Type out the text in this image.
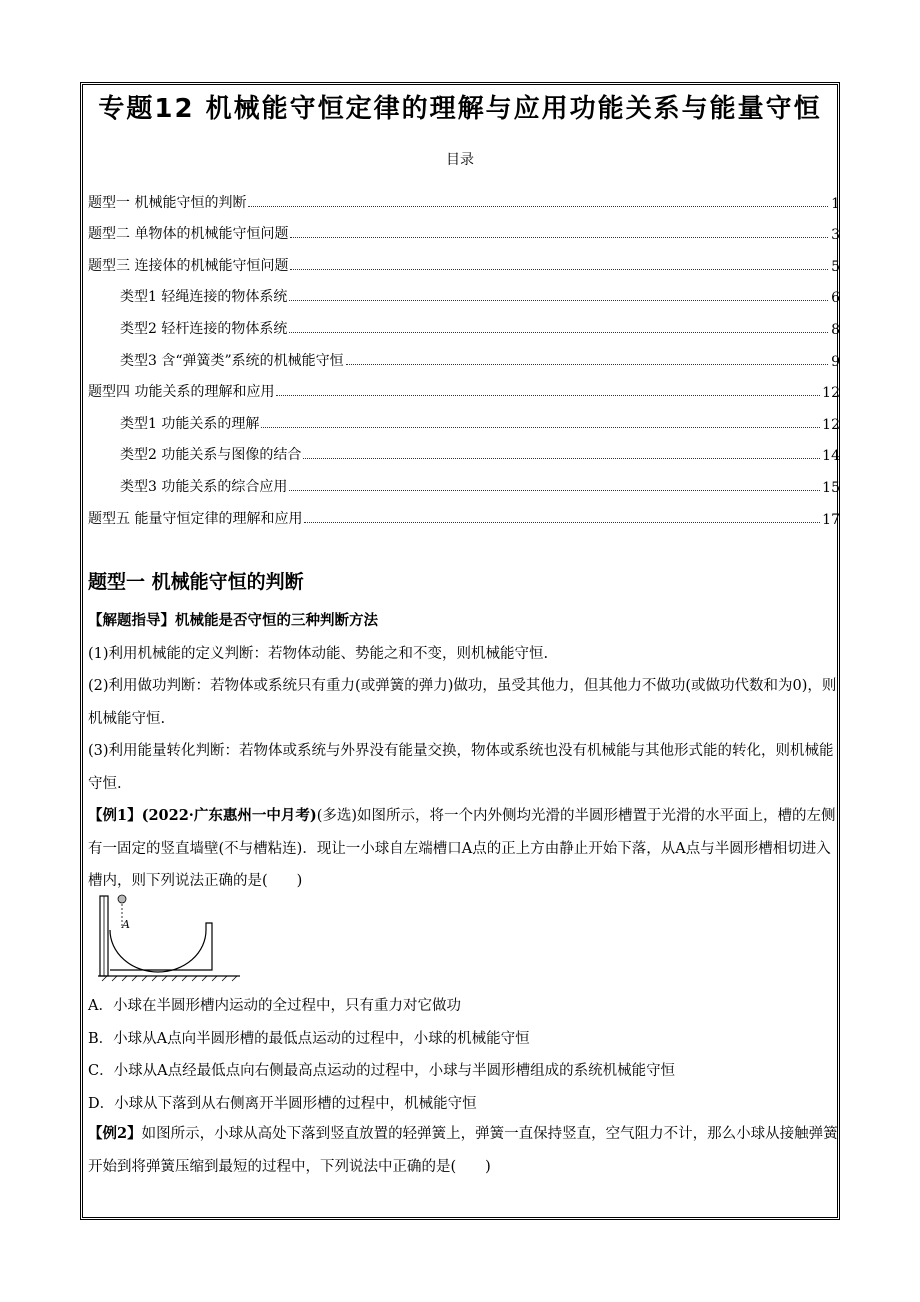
专题12 机械能守恒定律的理解与应用功能关系与能量守恒
目录
题型一 机械能守恒的判断	1
题型二 单物体的机械能守恒问题	3
题型三 连接体的机械能守恒问题	5
类型1 轻绳连接的物体系统	6
类型2 轻杆连接的物体系统	8
类型3 含“弹簧类”系统的机械能守恒	9
题型四 功能关系的理解和应用	12
类型1 功能关系的理解	12
类型2 功能关系与图像的结合	14
类型3 功能关系的综合应用	15
题型五 能量守恒定律的理解和应用	17
题型一 机械能守恒的判断

【解题指导】机械能是否守恒的三种判断方法

(1)利用机械能的定义判断：若物体动能、势能之和不变，则机械能守恒.

(2)利用做功判断：若物体或系统只有重力(或弹簧的弹力)做功，虽受其他力，但其他力不做功(或做功代数和为0)，则机械能守恒.

(3)利用能量转化判断：若物体或系统与外界没有能量交换，物体或系统也没有机械能与其他形式能的转化，则机械能守恒.

【例1】(2022·广东惠州一中月考)(多选)如图所示，将一个内外侧均光滑的半圆形槽置于光滑的水平面上，槽的左侧有一固定的竖直墙壁(不与槽粘连)．现让一小球自左端槽口A点的正上方由静止开始下落，从A点与半圆形槽相切进入槽内，则下列说法正确的是(　　)

A

A．小球在半圆形槽内运动的全过程中，只有重力对它做功

B．小球从A点向半圆形槽的最低点运动的过程中，小球的机械能守恒

C．小球从A点经最低点向右侧最高点运动的过程中，小球与半圆形槽组成的系统机械能守恒

D．小球从下落到从右侧离开半圆形槽的过程中，机械能守恒

【例2】如图所示，小球从高处下落到竖直放置的轻弹簧上，弹簧一直保持竖直，空气阻力不计，那么小球从接触弹簧开始到将弹簧压缩到最短的过程中，下列说法中正确的是(　　)
